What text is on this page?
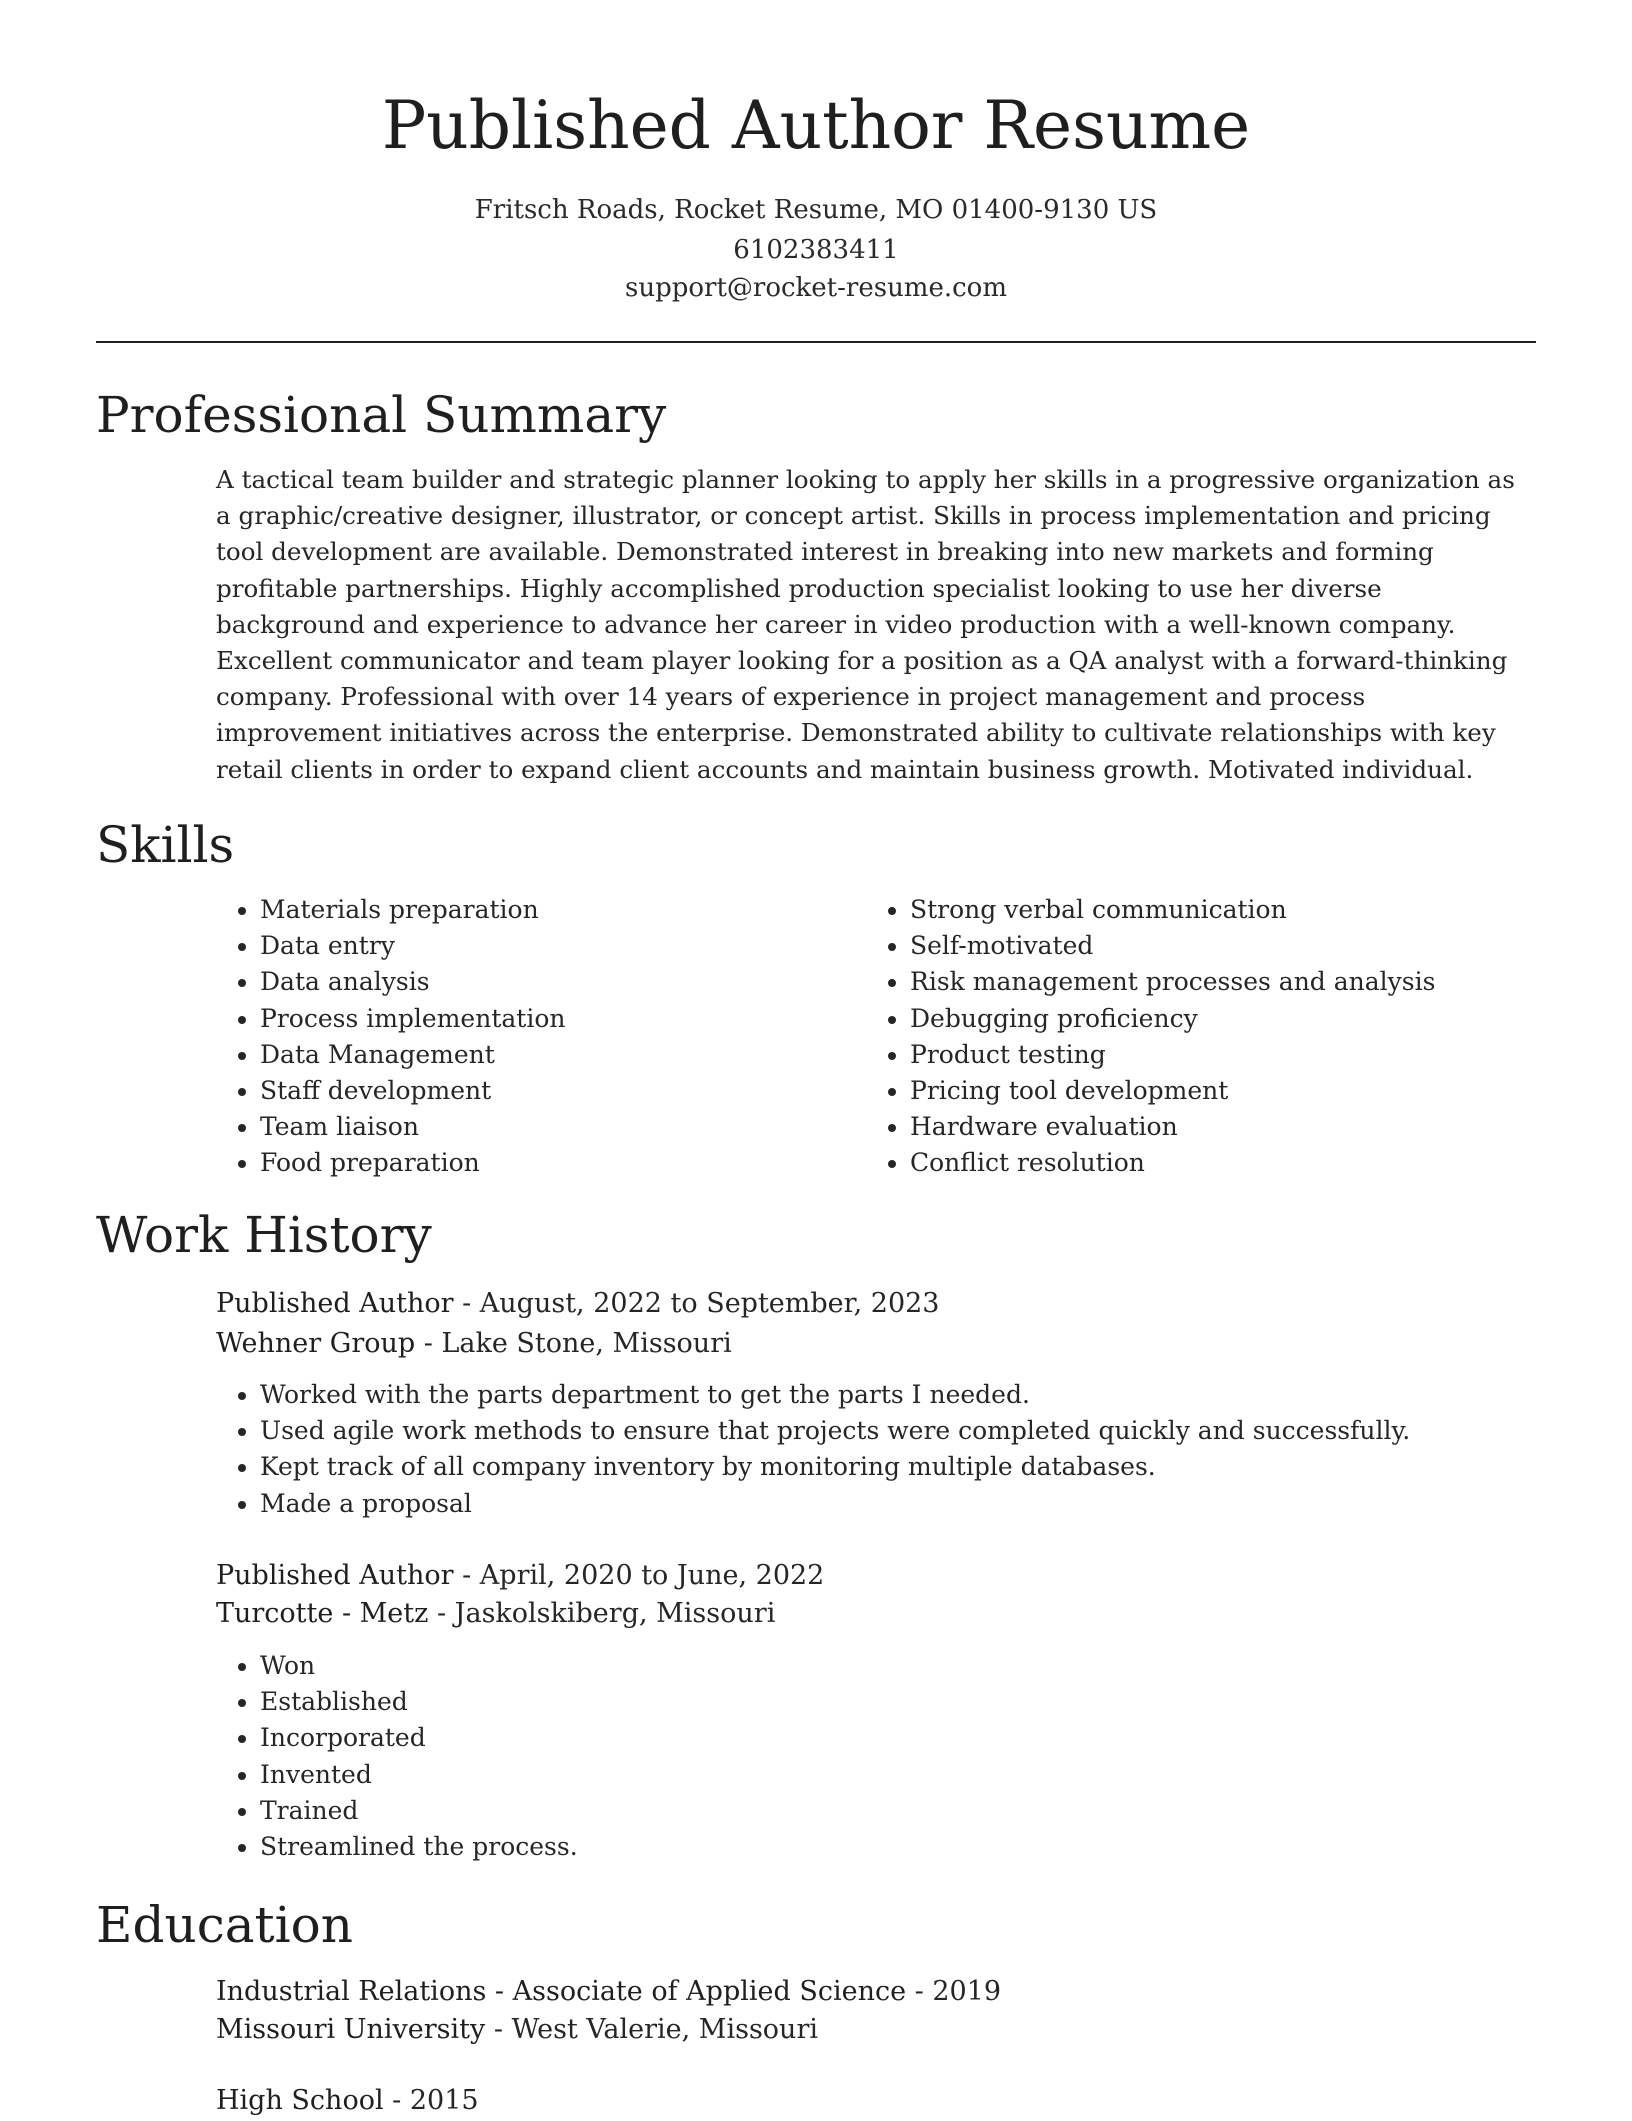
Published Author Resume
Fritsch Roads, Rocket Resume, MO 01400-9130 US
6102383411
support@rocket-resume.com
Professional Summary

A tactical team builder and strategic planner looking to apply her skills in a progressive organization as a graphic/creative designer, illustrator, or concept artist. Skills in process implementation and pricing tool development are available. Demonstrated interest in breaking into new markets and forming profitable partnerships. Highly accomplished production specialist looking to use her diverse background and experience to advance her career in video production with a well-known company. Excellent communicator and team player looking for a position as a QA analyst with a forward-thinking company. Professional with over 14 years of experience in project management and process improvement initiatives across the enterprise. Demonstrated ability to cultivate relationships with key retail clients in order to expand client accounts and maintain business growth. Motivated individual.

Skills
• Materials preparation
• Data entry
• Data analysis
• Process implementation
• Data Management
• Staff development
• Team liaison
• Food preparation
• Strong verbal communication
• Self-motivated
• Risk management processes and analysis
• Debugging proficiency
• Product testing
• Pricing tool development
• Hardware evaluation
• Conflict resolution
Work History
Published Author - August, 2022 to September, 2023
Wehner Group - Lake Stone, Missouri
• Worked with the parts department to get the parts I needed.
• Used agile work methods to ensure that projects were completed quickly and successfully.
• Kept track of all company inventory by monitoring multiple databases.
• Made a proposal
Published Author - April, 2020 to June, 2022
Turcotte - Metz - Jaskolskiberg, Missouri
• Won
• Established
• Incorporated
• Invented
• Trained
• Streamlined the process.
Education
Industrial Relations - Associate of Applied Science - 2019
Missouri University - West Valerie, Missouri
High School - 2015
